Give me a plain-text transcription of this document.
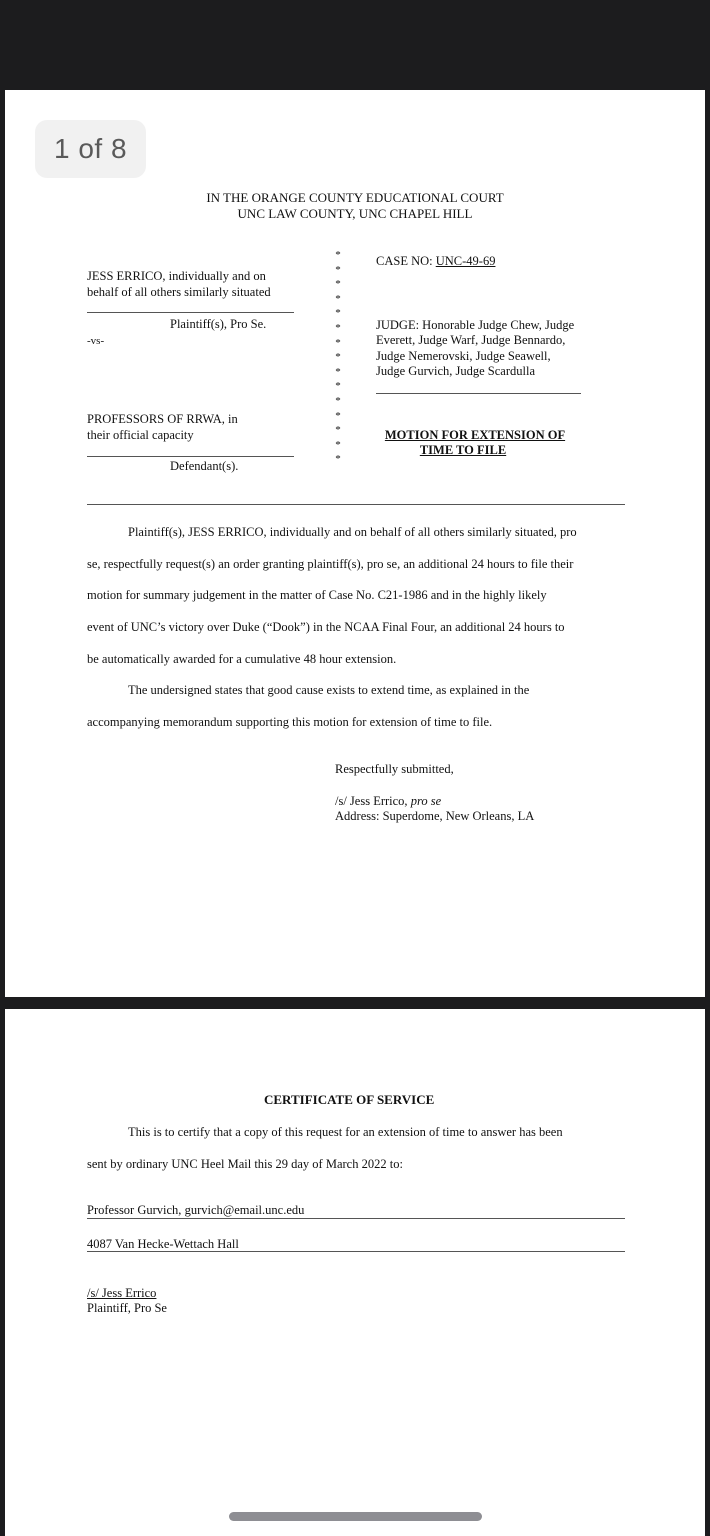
1 of 8
IN THE ORANGE COUNTY EDUCATIONAL COURT
UNC LAW COUNTY, UNC CHAPEL HILL
JESS ERRICO, individually and on
behalf of all others similarly situated
Plaintiff(s), Pro Se.
-vs-
PROFESSORS OF RRWA, in
their official capacity
Defendant(s).
*
*
*
*
*
*
*
*
*
*
*
*
*
*
*
CASE NO: UNC-49-69
JUDGE: Honorable Judge Chew, Judge
Everett, Judge Warf, Judge Bennardo,
Judge Nemerovski, Judge Seawell,
Judge Gurvich, Judge Scardulla
MOTION FOR EXTENSION OF
TIME TO FILE
Plaintiff(s), JESS ERRICO, individually and on behalf of all others similarly situated, pro
se, respectfully request(s) an order granting plaintiff(s), pro se, an additional 24 hours to file their
motion for summary judgement in the matter of Case No. C21-1986 and in the highly likely
event of UNC’s victory over Duke (“Dook”) in the NCAA Final Four, an additional 24 hours to
be automatically awarded for a cumulative 48 hour extension.
The undersigned states that good cause exists to extend time, as explained in the
accompanying memorandum supporting this motion for extension of time to file.
Respectfully submitted,
/s/ Jess Errico, pro se
Address: Superdome, New Orleans, LA
CERTIFICATE OF SERVICE
This is to certify that a copy of this request for an extension of time to answer has been
sent by ordinary UNC Heel Mail this 29 day of March 2022 to:
Professor Gurvich, gurvich@email.unc.edu
4087 Van Hecke-Wettach Hall
/s/ Jess Errico
Plaintiff, Pro Se
